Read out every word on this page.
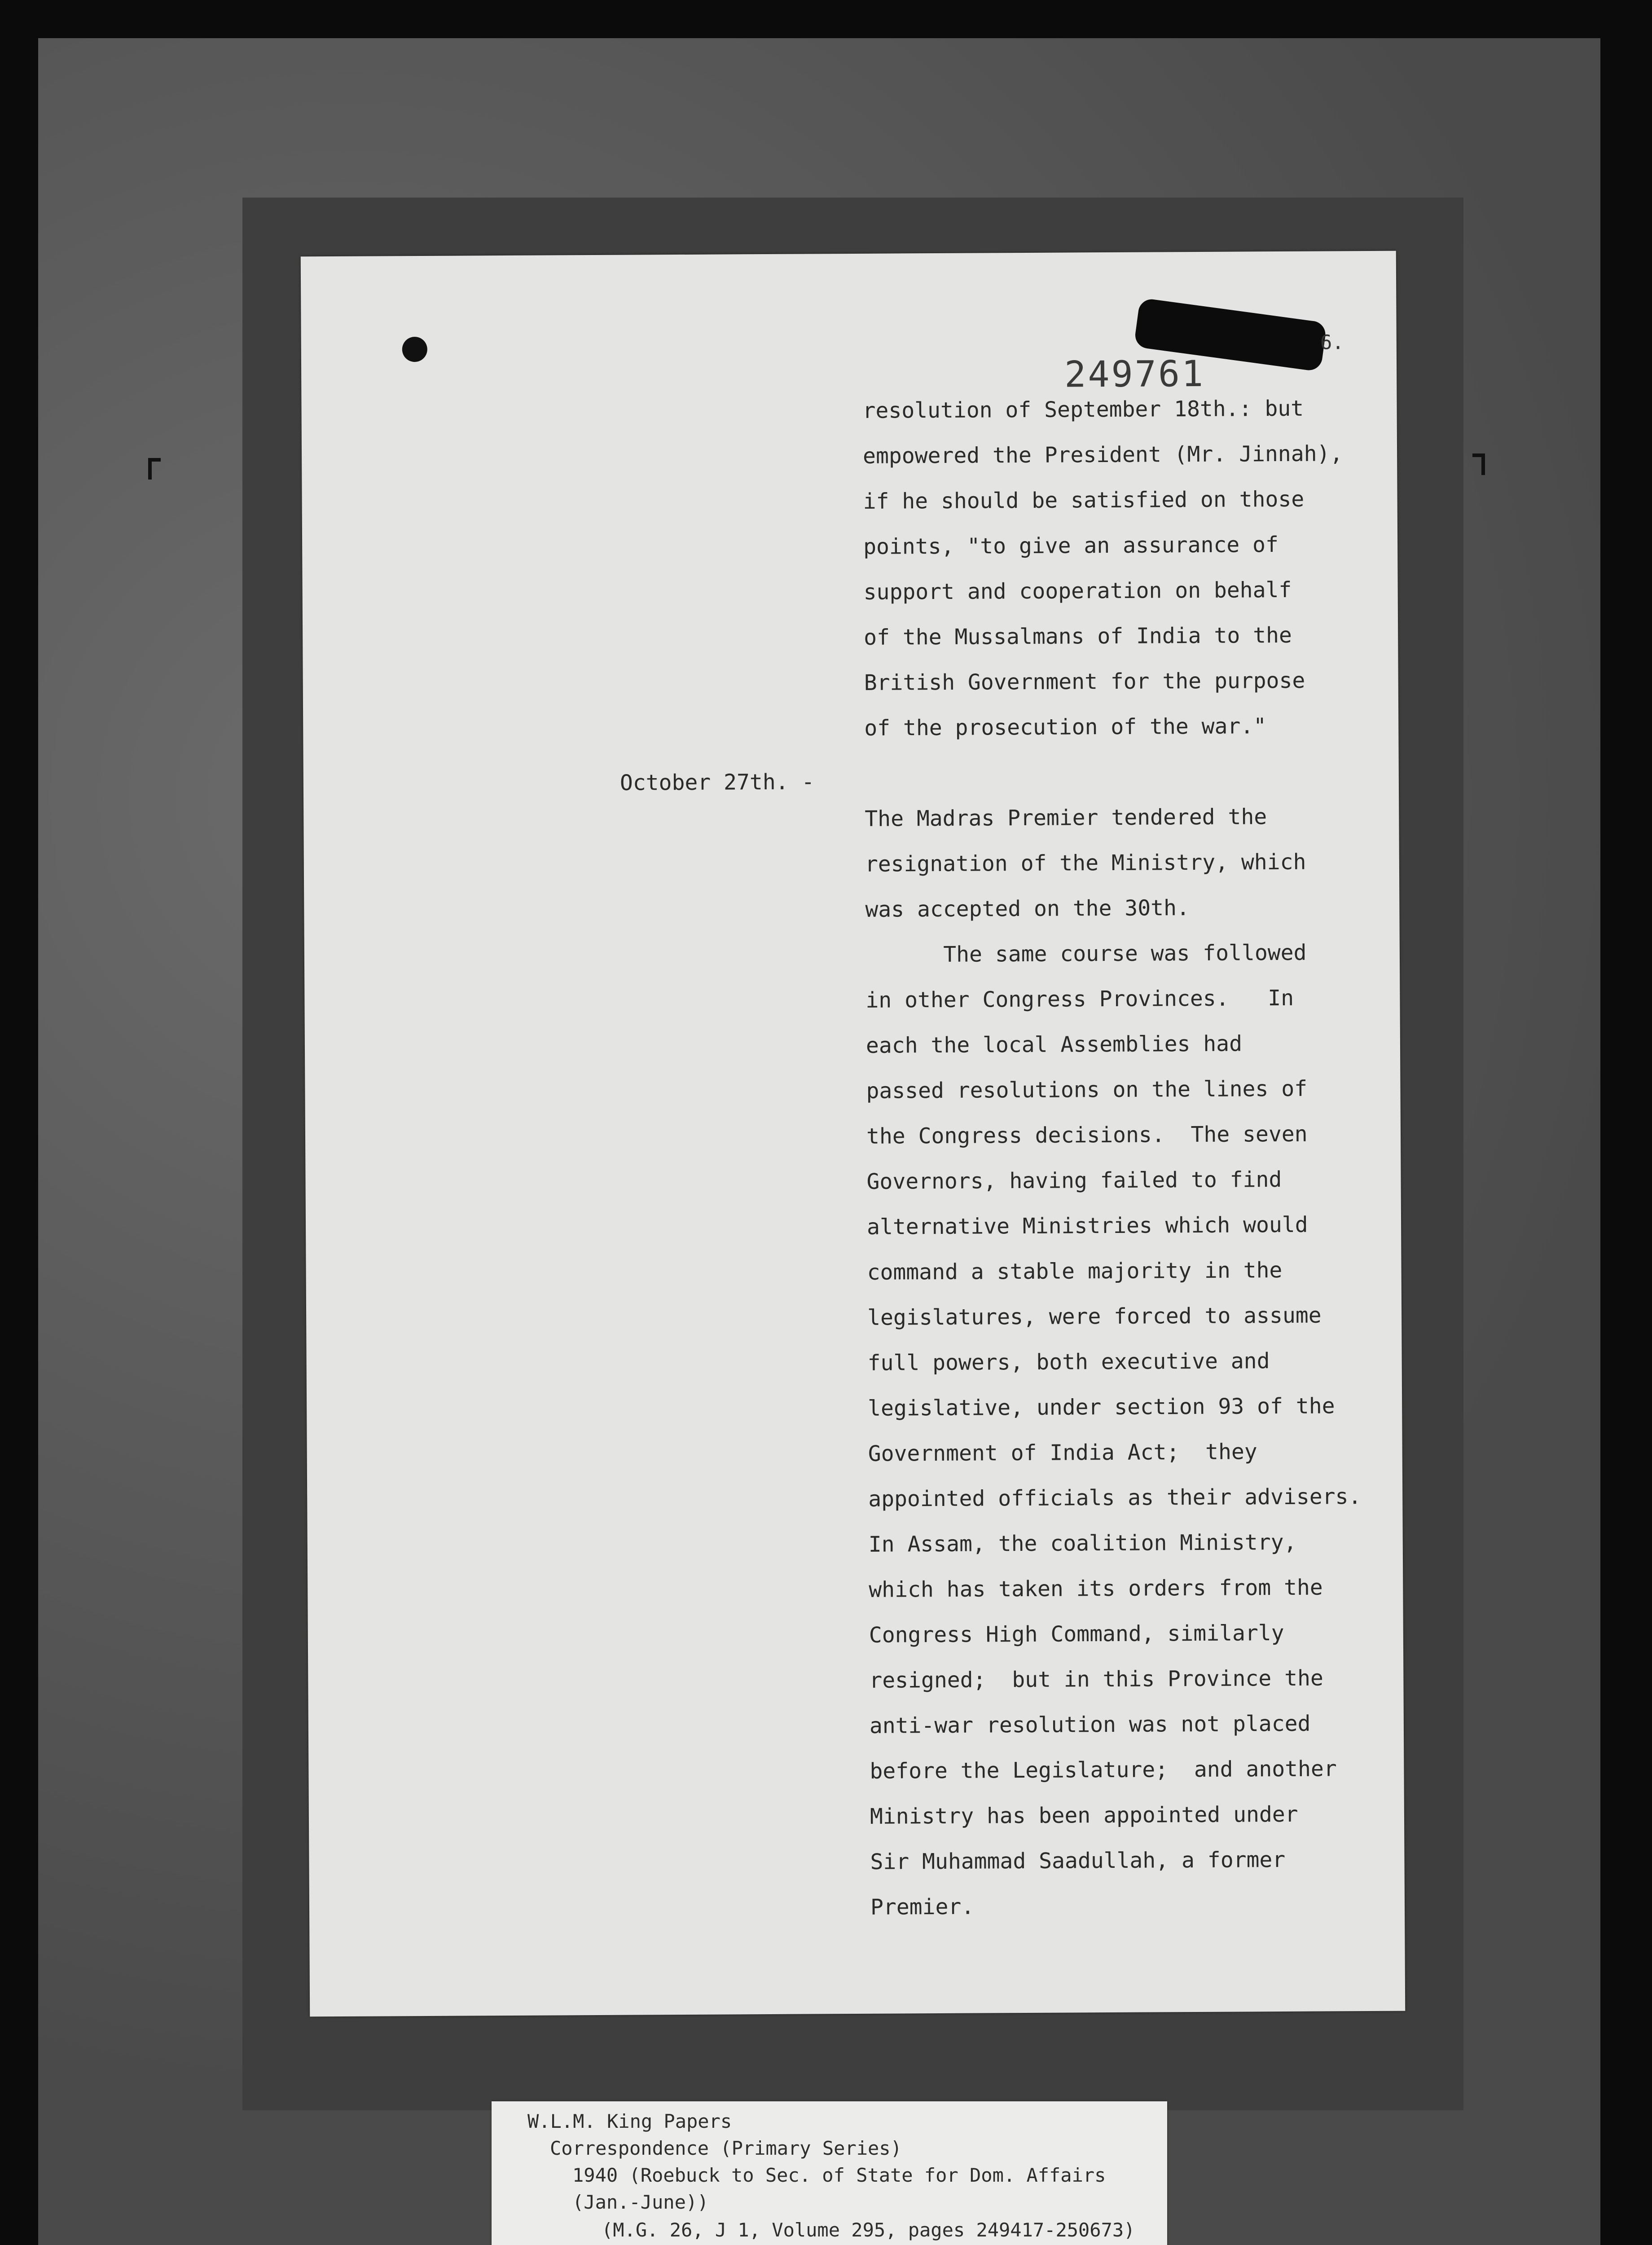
6.
249761
October 27th. -
resolution of September 18th.: but
empowered the President (Mr. Jinnah),
if he should be satisfied on those
points, "to give an assurance of
support and cooperation on behalf
of the Mussalmans of India to the
British Government for the purpose
of the prosecution of the war."
The Madras Premier tendered the
resignation of the Ministry, which
was accepted on the 30th.
The same course was followed
in other Congress Provinces.   In
each the local Assemblies had
passed resolutions on the lines of
the Congress decisions.  The seven
Governors, having failed to find
alternative Ministries which would
command a stable majority in the
legislatures, were forced to assume
full powers, both executive and
legislative, under section 93 of the
Government of India Act;  they
appointed officials as their advisers.
In Assam, the coalition Ministry,
which has taken its orders from the
Congress High Command, similarly
resigned;  but in this Province the
anti-war resolution was not placed
before the Legislature;  and another
Ministry has been appointed under
Sir Muhammad Saadullah, a former
Premier.
W.L.M. King Papers
Correspondence (Primary Series)
1940 (Roebuck to Sec. of State for Dom. Affairs
(Jan.-June))
(M.G. 26, J 1, Volume 295, pages 249417-250673)
